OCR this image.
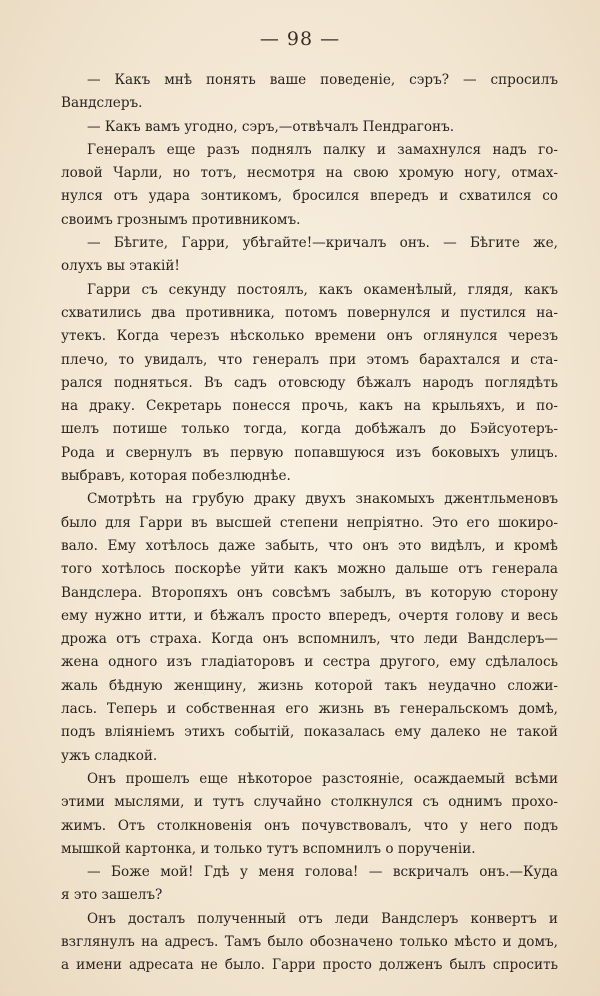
— 98 —

— Какъ мнѣ понять ваше поведеніе, сэръ? — спросилъ

Вандслеръ.

— Какъ вамъ угодно, сэръ,—отвѣчалъ Пендрагонъ.

Генералъ еще разъ поднялъ палку и замахнулся надъ го-

ловой Чарли, но тотъ, несмотря на свою хромую ногу, отмах-

нулся отъ удара зонтикомъ, бросился впередъ и схватился со

своимъ грознымъ противникомъ.

— Бѣгите, Гарри, убѣгайте!—кричалъ онъ. — Бѣгите же,

олухъ вы этакій!

Гарри съ секунду постоялъ, какъ окаменѣлый, глядя, какъ

схватились два противника, потомъ повернулся и пустился на-

утекъ. Когда черезъ нѣсколько времени онъ оглянулся черезъ

плечо, то увидалъ, что генералъ при этомъ барахтался и ста-

рался подняться. Въ садъ отовсюду бѣжалъ народъ поглядѣть

на драку. Секретарь понесся прочь, какъ на крыльяхъ, и по-

шелъ потише только тогда, когда добѣжалъ до Бэйсуотеръ-

Рода и свернулъ въ первую попавшуюся изъ боковыхъ улицъ.

выбравъ, которая побезлюднѣе.

Смотрѣть на грубую драку двухъ знакомыхъ джентльменовъ

было для Гарри въ высшей степени непріятно. Это его шокиро-

вало. Ему хотѣлось даже забыть, что онъ это видѣлъ, и кромѣ

того хотѣлось поскорѣе уйти какъ можно дальше отъ генерала

Вандслера. Второпяхъ онъ совсѣмъ забылъ, въ которую сторону

ему нужно итти, и бѣжалъ просто впередъ, очертя голову и весь

дрожа отъ страха. Когда онъ вспомнилъ, что леди Вандслеръ—

жена одного изъ гладіаторовъ и сестра другого, ему сдѣлалось

жаль бѣдную женщину, жизнь которой такъ неудачно сложи-

лась. Теперь и собственная его жизнь въ генеральскомъ домѣ,

подъ вліяніемъ этихъ событій, показалась ему далеко не такой

ужъ сладкой.

Онъ прошелъ еще нѣкоторое разстояніе, осаждаемый всѣми

этими мыслями, и тутъ случайно столкнулся съ однимъ прохо-

жимъ. Отъ столкновенія онъ почувствовалъ, что у него подъ

мышкой картонка, и только тутъ вспомнилъ о порученіи.

— Боже мой! Гдѣ у меня голова! — вскричалъ онъ.—Куда

я это зашелъ?

Онъ досталъ полученный отъ леди Вандслеръ конвертъ и

взглянулъ на адресъ. Тамъ было обозначено только мѣсто и домъ,

а имени адресата не было. Гарри просто долженъ былъ спросить
